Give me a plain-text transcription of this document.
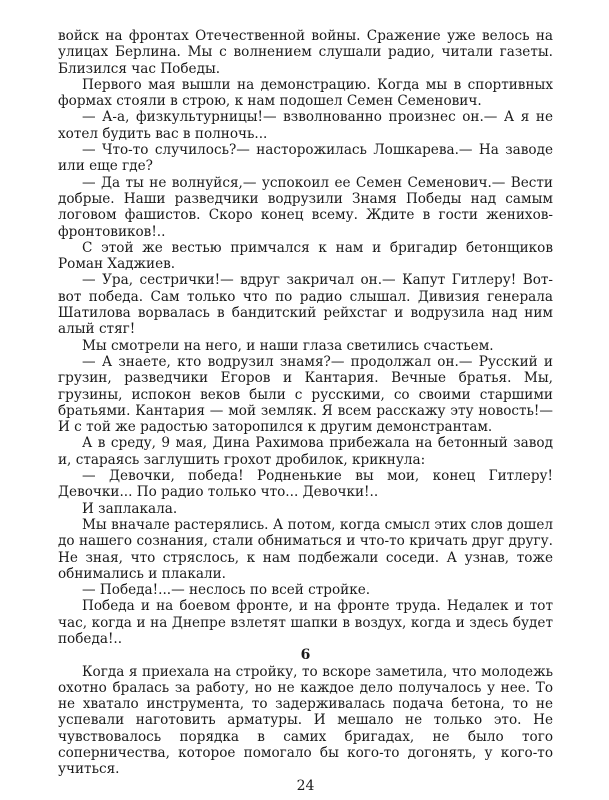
войск на фронтах Отечественной войны. Сражение уже велось на улицах Берлина. Мы с волнением слушали радио, читали газеты. Близился час Победы.

Первого мая вышли на демонстрацию. Когда мы в спортивных формах стояли в строю, к нам подошел Семен Семенович.

— А-а, физкультурницы!— взволнованно произнес он.— А я не хотел будить вас в полночь...

— Что-то случилось?— насторожилась Лошкарева.— На заводе или еще где?

— Да ты не волнуйся,— успокоил ее Семен Семенович.— Вести добрые. Наши разведчики водрузили Знамя Победы над самым логовом фашистов. Скоро конец всему. Ждите в гости женихов-фронтовиков!..

С этой же вестью примчался к нам и бригадир бетонщиков Роман Хаджиев.

— Ура, сестрички!— вдруг закричал он.— Капут Гитлеру! Вот-вот победа. Сам только что по радио слышал. Дивизия генерала Шатилова ворвалась в бандитский рейхстаг и водрузила над ним алый стяг!

Мы смотрели на него, и наши глаза светились счастьем.

— А знаете, кто водрузил знамя?— продолжал он.— Русский и грузин, разведчики Егоров и Кантария. Вечные братья. Мы, грузины, испокон веков были с русскими, со своими старшими братьями. Кантария — мой земляк. Я всем расскажу эту новость!— И с той же радостью заторопился к другим демонстрантам.

А в среду, 9 мая, Дина Рахимова прибежала на бетонный завод и, стараясь заглушить грохот дробилок, крикнула:

— Девочки, победа! Родненькие вы мои, конец Гитлеру! Девочки... По радио только что... Девочки!..

И заплакала.

Мы вначале растерялись. А потом, когда смысл этих слов дошел до нашего сознания, стали обниматься и что-то кричать друг другу. Не зная, что стряслось, к нам подбежали соседи. А узнав, тоже обнимались и плакали.

— Победа!...— неслось по всей стройке.

Победа и на боевом фронте, и на фронте труда. Недалек и тот час, когда и на Днепре взлетят шапки в воздух, когда и здесь будет победа!..

6

Когда я приехала на стройку, то вскоре заметила, что молодежь охотно бралась за работу, но не каждое дело получалось у нее. То не хватало инструмента, то задерживалась подача бетона, то не успевали наготовить арматуры. И мешало не только это. Не чувствовалось порядка в самих бригадах, не было того соперничества, которое помогало бы кого-то догонять, у кого-то учиться.

24
